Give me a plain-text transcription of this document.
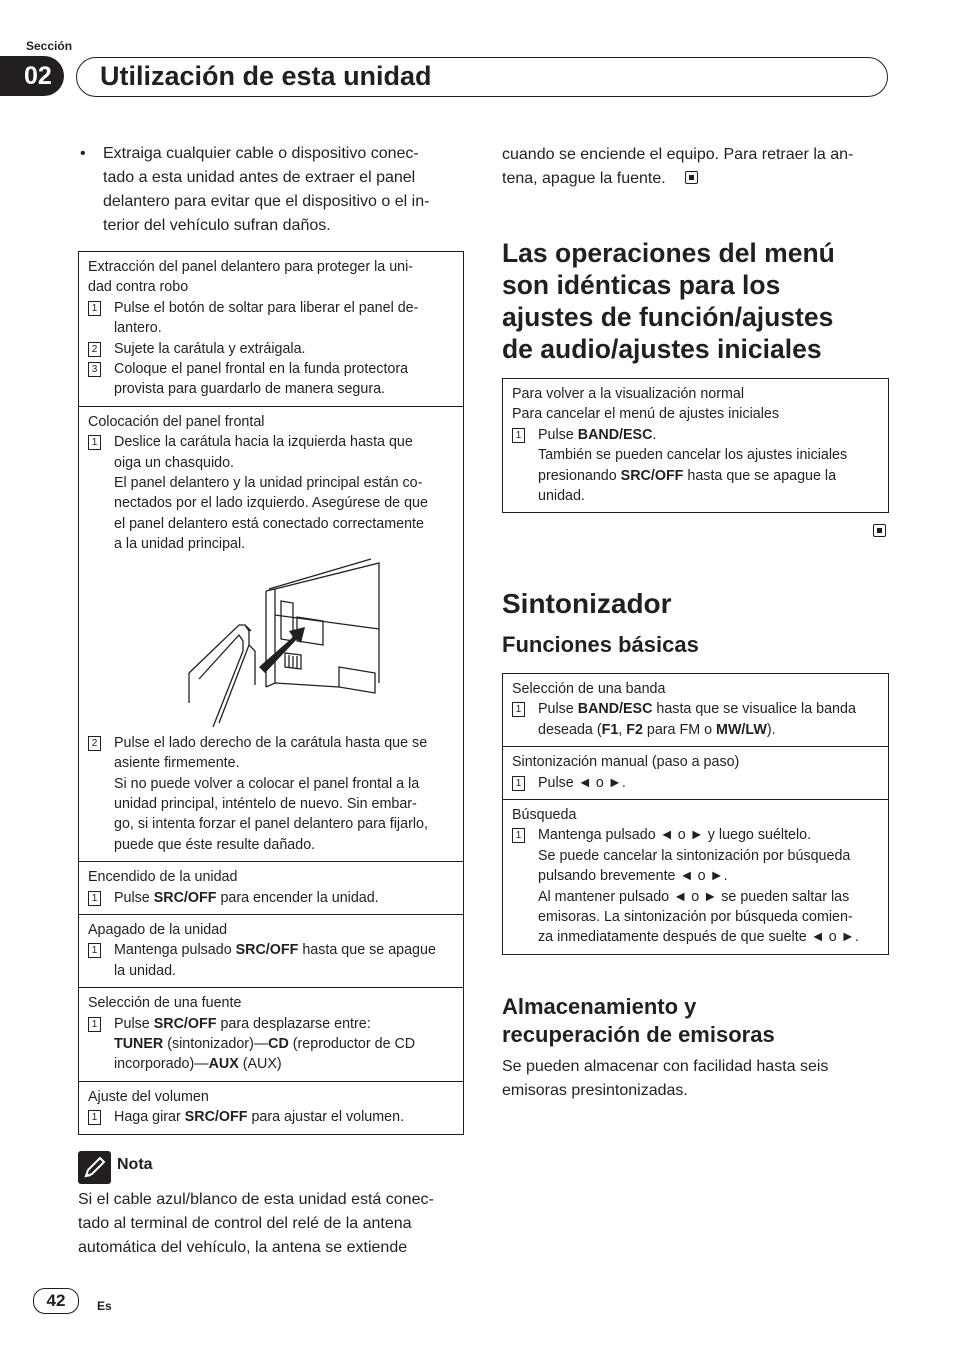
Sección
02	Utilización de esta unidad
• Extraiga cualquier cable o dispositivo conec-
tado a esta unidad antes de extraer el panel
delantero para evitar que el dispositivo o el in-
terior del vehículo sufran daños.
Extracción del panel delantero para proteger la uni-
dad contra robo
1 Pulse el botón de soltar para liberar el panel de-
lantero.
2 Sujete la carátula y extráigala.
3 Coloque el panel frontal en la funda protectora
provista para guardarlo de manera segura.
Colocación del panel frontal
1 Deslice la carátula hacia la izquierda hasta que
oiga un chasquido.
El panel delantero y la unidad principal están co-
nectados por el lado izquierdo. Asegúrese de que
el panel delantero está conectado correctamente
a la unidad principal.
2 Pulse el lado derecho de la carátula hasta que se
asiente firmemente.
Si no puede volver a colocar el panel frontal a la
unidad principal, inténtelo de nuevo. Sin embar-
go, si intenta forzar el panel delantero para fijarlo,
puede que éste resulte dañado.
Encendido de la unidad
1 Pulse SRC/OFF para encender la unidad.
Apagado de la unidad
1 Mantenga pulsado SRC/OFF hasta que se apague
la unidad.
Selección de una fuente
1 Pulse SRC/OFF para desplazarse entre:
TUNER (sintonizador)—CD (reproductor de CD
incorporado)—AUX (AUX)
Ajuste del volumen
1 Haga girar SRC/OFF para ajustar el volumen.
Nota
Si el cable azul/blanco de esta unidad está conec-
tado al terminal de control del relé de la antena
automática del vehículo, la antena se extiende
cuando se enciende el equipo. Para retraer la an-
tena, apague la fuente.
Las operaciones del menú
son idénticas para los
ajustes de función/ajustes
de audio/ajustes iniciales
Para volver a la visualización normal
Para cancelar el menú de ajustes iniciales
1 Pulse BAND/ESC.
También se pueden cancelar los ajustes iniciales
presionando SRC/OFF hasta que se apague la
unidad.
Sintonizador
Funciones básicas
Selección de una banda
1 Pulse BAND/ESC hasta que se visualice la banda
deseada (F1, F2 para FM o MW/LW).
Sintonización manual (paso a paso)
1 Pulse ◄ o ►.
Búsqueda
1 Mantenga pulsado ◄ o ► y luego suéltelo.
Se puede cancelar la sintonización por búsqueda
pulsando brevemente ◄ o ►.
Al mantener pulsado ◄ o ► se pueden saltar las
emisoras. La sintonización por búsqueda comien-
za inmediatamente después de que suelte ◄ o ►.
Almacenamiento y
recuperación de emisoras
Se pueden almacenar con facilidad hasta seis
emisoras presintonizadas.
42	Es
